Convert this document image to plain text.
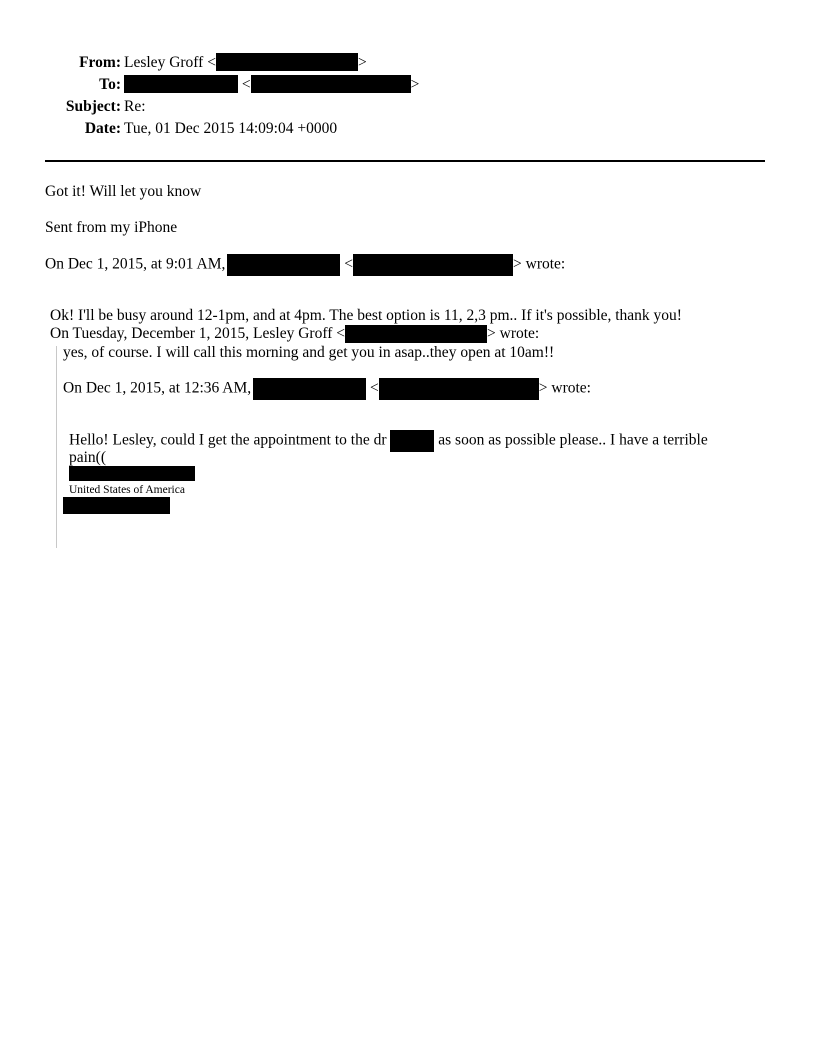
From: Lesley Groff <	>
To:	<	>
Subject: Re:
Date: Tue, 01 Dec 2015 14:09:04 +0000
Got it! Will let you know
Sent from my iPhone
On Dec 1, 2015, at 9:01 AM,	<	> wrote:
Ok! I'll be busy around 12-1pm, and at 4pm. The best option is 11, 2,3 pm.. If it's possible, thank you!
On Tuesday, December 1, 2015, Lesley Groff <	> wrote:
yes, of course. I will call this morning and get you in asap..they open at 10am!!
On Dec 1, 2015, at 12:36 AM,	<	> wrote:
Hello! Lesley, could I get the appointment to the dr	as soon as possible please.. I have a terrible
pain((
United States of America
